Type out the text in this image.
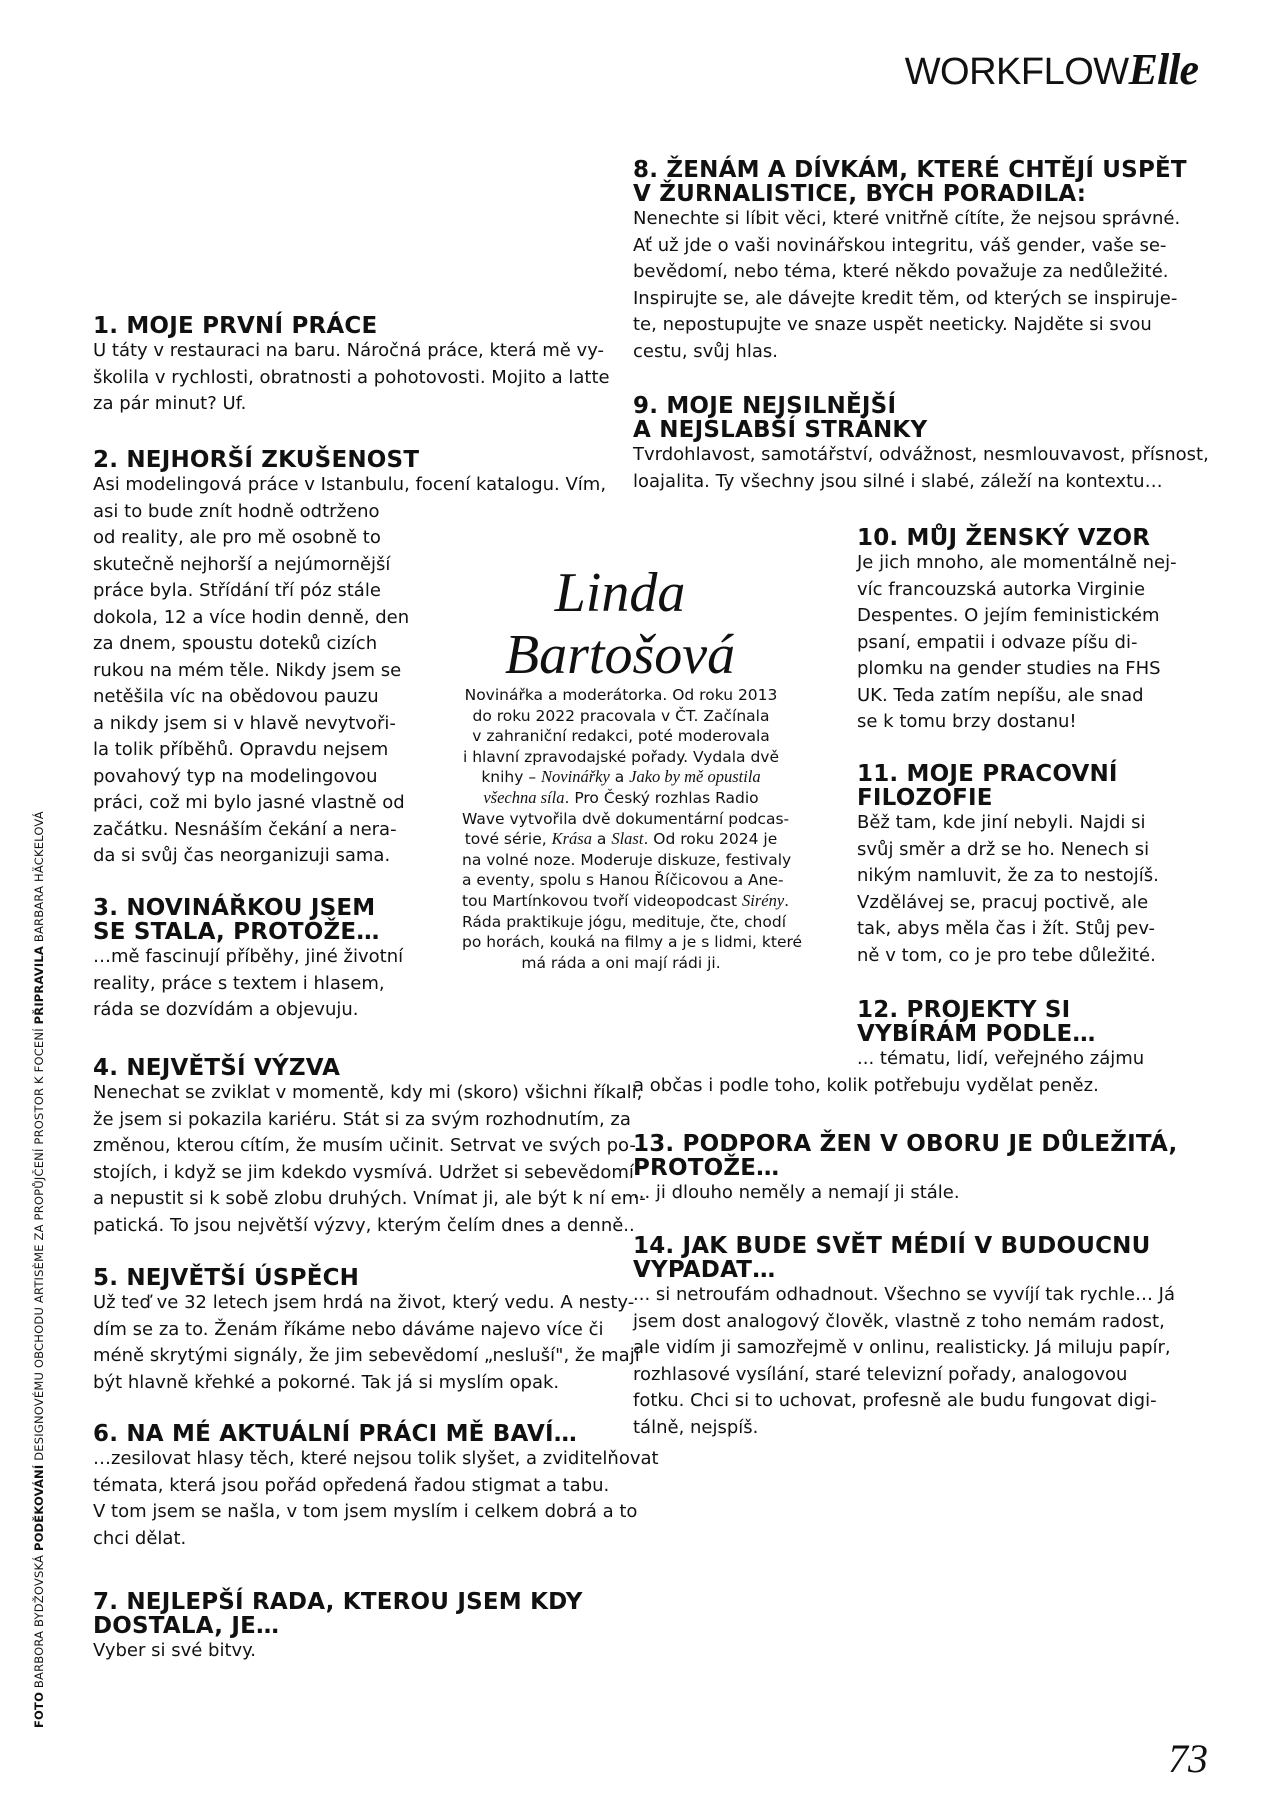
WORKFLOW Elle
FOTO BARBORA BYDŽOVSKÁ PODĚKOVÁNÍ DESIGNOVÉMU OBCHODU ARTISÈME ZA PROPŮJČENÍ PROSTOR K FOCENÍ PŘIPRAVILA BARBARA HÄCKELOVÁ
1. MOJE PRVNÍ PRÁCE
U táty v restauraci na baru. Náročná práce, která mě vy-
školila v rychlosti, obratnosti a pohotovosti. Mojito a latte
za pár minut? Uf.
2. NEJHORŠÍ ZKUŠENOST
Asi modelingová práce v Istanbulu, focení katalogu. Vím,
asi to bude znít hodně odtrženo
od reality, ale pro mě osobně to
skutečně nejhorší a nejúmornější
práce byla. Střídání tří póz stále
dokola, 12 a více hodin denně, den
za dnem, spoustu doteků cizích
rukou na mém těle. Nikdy jsem se
netěšila víc na obědovou pauzu
a nikdy jsem si v hlavě nevytvoři-
la tolik příběhů. Opravdu nejsem
povahový typ na modelingovou
práci, což mi bylo jasné vlastně od
začátku. Nesnáším čekání a nera-
da si svůj čas neorganizuji sama.
3. NOVINÁŘKOU JSEM
SE STALA, PROTOŽE…
…mě fascinují příběhy, jiné životní
reality, práce s textem i hlasem,
ráda se dozvídám a objevuju.
4. NEJVĚTŠÍ VÝZVA
Nenechat se zviklat v momentě, kdy mi (skoro) všichni říkali,
že jsem si pokazila kariéru. Stát si za svým rozhodnutím, za
změnou, kterou cítím, že musím učinit. Setrvat ve svých po-
stojích, i když se jim kdekdo vysmívá. Udržet si sebevědomí
a nepustit si k sobě zlobu druhých. Vnímat ji, ale být k ní em-
patická. To jsou největší výzvy, kterým čelím dnes a denně..
5. NEJVĚTŠÍ ÚSPĚCH
Už teď ve 32 letech jsem hrdá na život, který vedu. A nesty-
dím se za to. Ženám říkáme nebo dáváme najevo více či
méně skrytými signály, že jim sebevědomí „nesluší", že mají
být hlavně křehké a pokorné. Tak já si myslím opak.
6. NA MÉ AKTUÁLNÍ PRÁCI MĚ BAVÍ…
…zesilovat hlasy těch, které nejsou tolik slyšet, a zviditelňovat
témata, která jsou pořád opředená řadou stigmat a tabu.
V tom jsem se našla, v tom jsem myslím i celkem dobrá a to
chci dělat.
7. NEJLEPŠÍ RADA, KTEROU JSEM KDY
DOSTALA, JE…
Vyber si své bitvy.
Linda
Bartošová
Novinářka a moderátorka. Od roku 2013
do roku 2022 pracovala v ČT. Začínala
v zahraniční redakci, poté moderovala
i hlavní zpravodajské pořady. Vydala dvě
knihy – Novinářky a Jako by mě opustila
všechna síla. Pro Český rozhlas Radio
Wave vytvořila dvě dokumentární podcas-
tové série, Krása a Slast. Od roku 2024 je
na volné noze. Moderuje diskuze, festivaly
a eventy, spolu s Hanou Říčicovou a Ane-
tou Martínkovou tvoří videopodcast Sirény.
Ráda praktikuje jógu, medituje, čte, chodí
po horách, kouká na filmy a je s lidmi, které
má ráda a oni mají rádi ji.
8. ŽENÁM A DÍVKÁM, KTERÉ CHTĚJÍ USPĚT
V ŽURNALISTICE, BYCH PORADILA:
Nenechte si líbit věci, které vnitřně cítíte, že nejsou správné.
Ať už jde o vaši novinářskou integritu, váš gender, vaše se-
bevědomí, nebo téma, které někdo považuje za nedůležité.
Inspirujte se, ale dávejte kredit těm, od kterých se inspiruje-
te, nepostupujte ve snaze uspět neeticky. Najděte si svou
cestu, svůj hlas.
9. MOJE NEJSILNĚJŠÍ
A NEJSLABŠÍ STRÁNKY
Tvrdohlavost, samotářství, odvážnost, nesmlouvavost, přísnost,
loajalita. Ty všechny jsou silné i slabé, záleží na kontextu…
10. MŮJ ŽENSKÝ VZOR
Je jich mnoho, ale momentálně nej-
víc francouzská autorka Virginie
Despentes. O jejím feministickém
psaní, empatii i odvaze píšu di-
plomku na gender studies na FHS
UK. Teda zatím nepíšu, ale snad
se k tomu brzy dostanu!
11. MOJE PRACOVNÍ
FILOZOFIE
Běž tam, kde jiní nebyli. Najdi si
svůj směr a drž se ho. Nenech si
nikým namluvit, že za to nestojíš.
Vzdělávej se, pracuj poctivě, ale
tak, abys měla čas i žít. Stůj pev-
ně v tom, co je pro tebe důležité.
12. PROJEKTY SI
VYBÍRÁM PODLE…
... tématu, lidí, veřejného zájmu
a občas i podle toho, kolik potřebuju vydělat peněz.
13. PODPORA ŽEN V OBORU JE DŮLEŽITÁ,
PROTOŽE…
... ji dlouho neměly a nemají ji stále.
14. JAK BUDE SVĚT MÉDIÍ V BUDOUCNU
VYPADAT…
... si netroufám odhadnout. Všechno se vyvíjí tak rychle… Já
jsem dost analogový člověk, vlastně z toho nemám radost,
ale vidím ji samozřejmě v onlinu, realisticky. Já miluju papír,
rozhlasové vysílání, staré televizní pořady, analogovou
fotku. Chci si to uchovat, profesně ale budu fungovat digi-
tálně, nejspíš.
73
